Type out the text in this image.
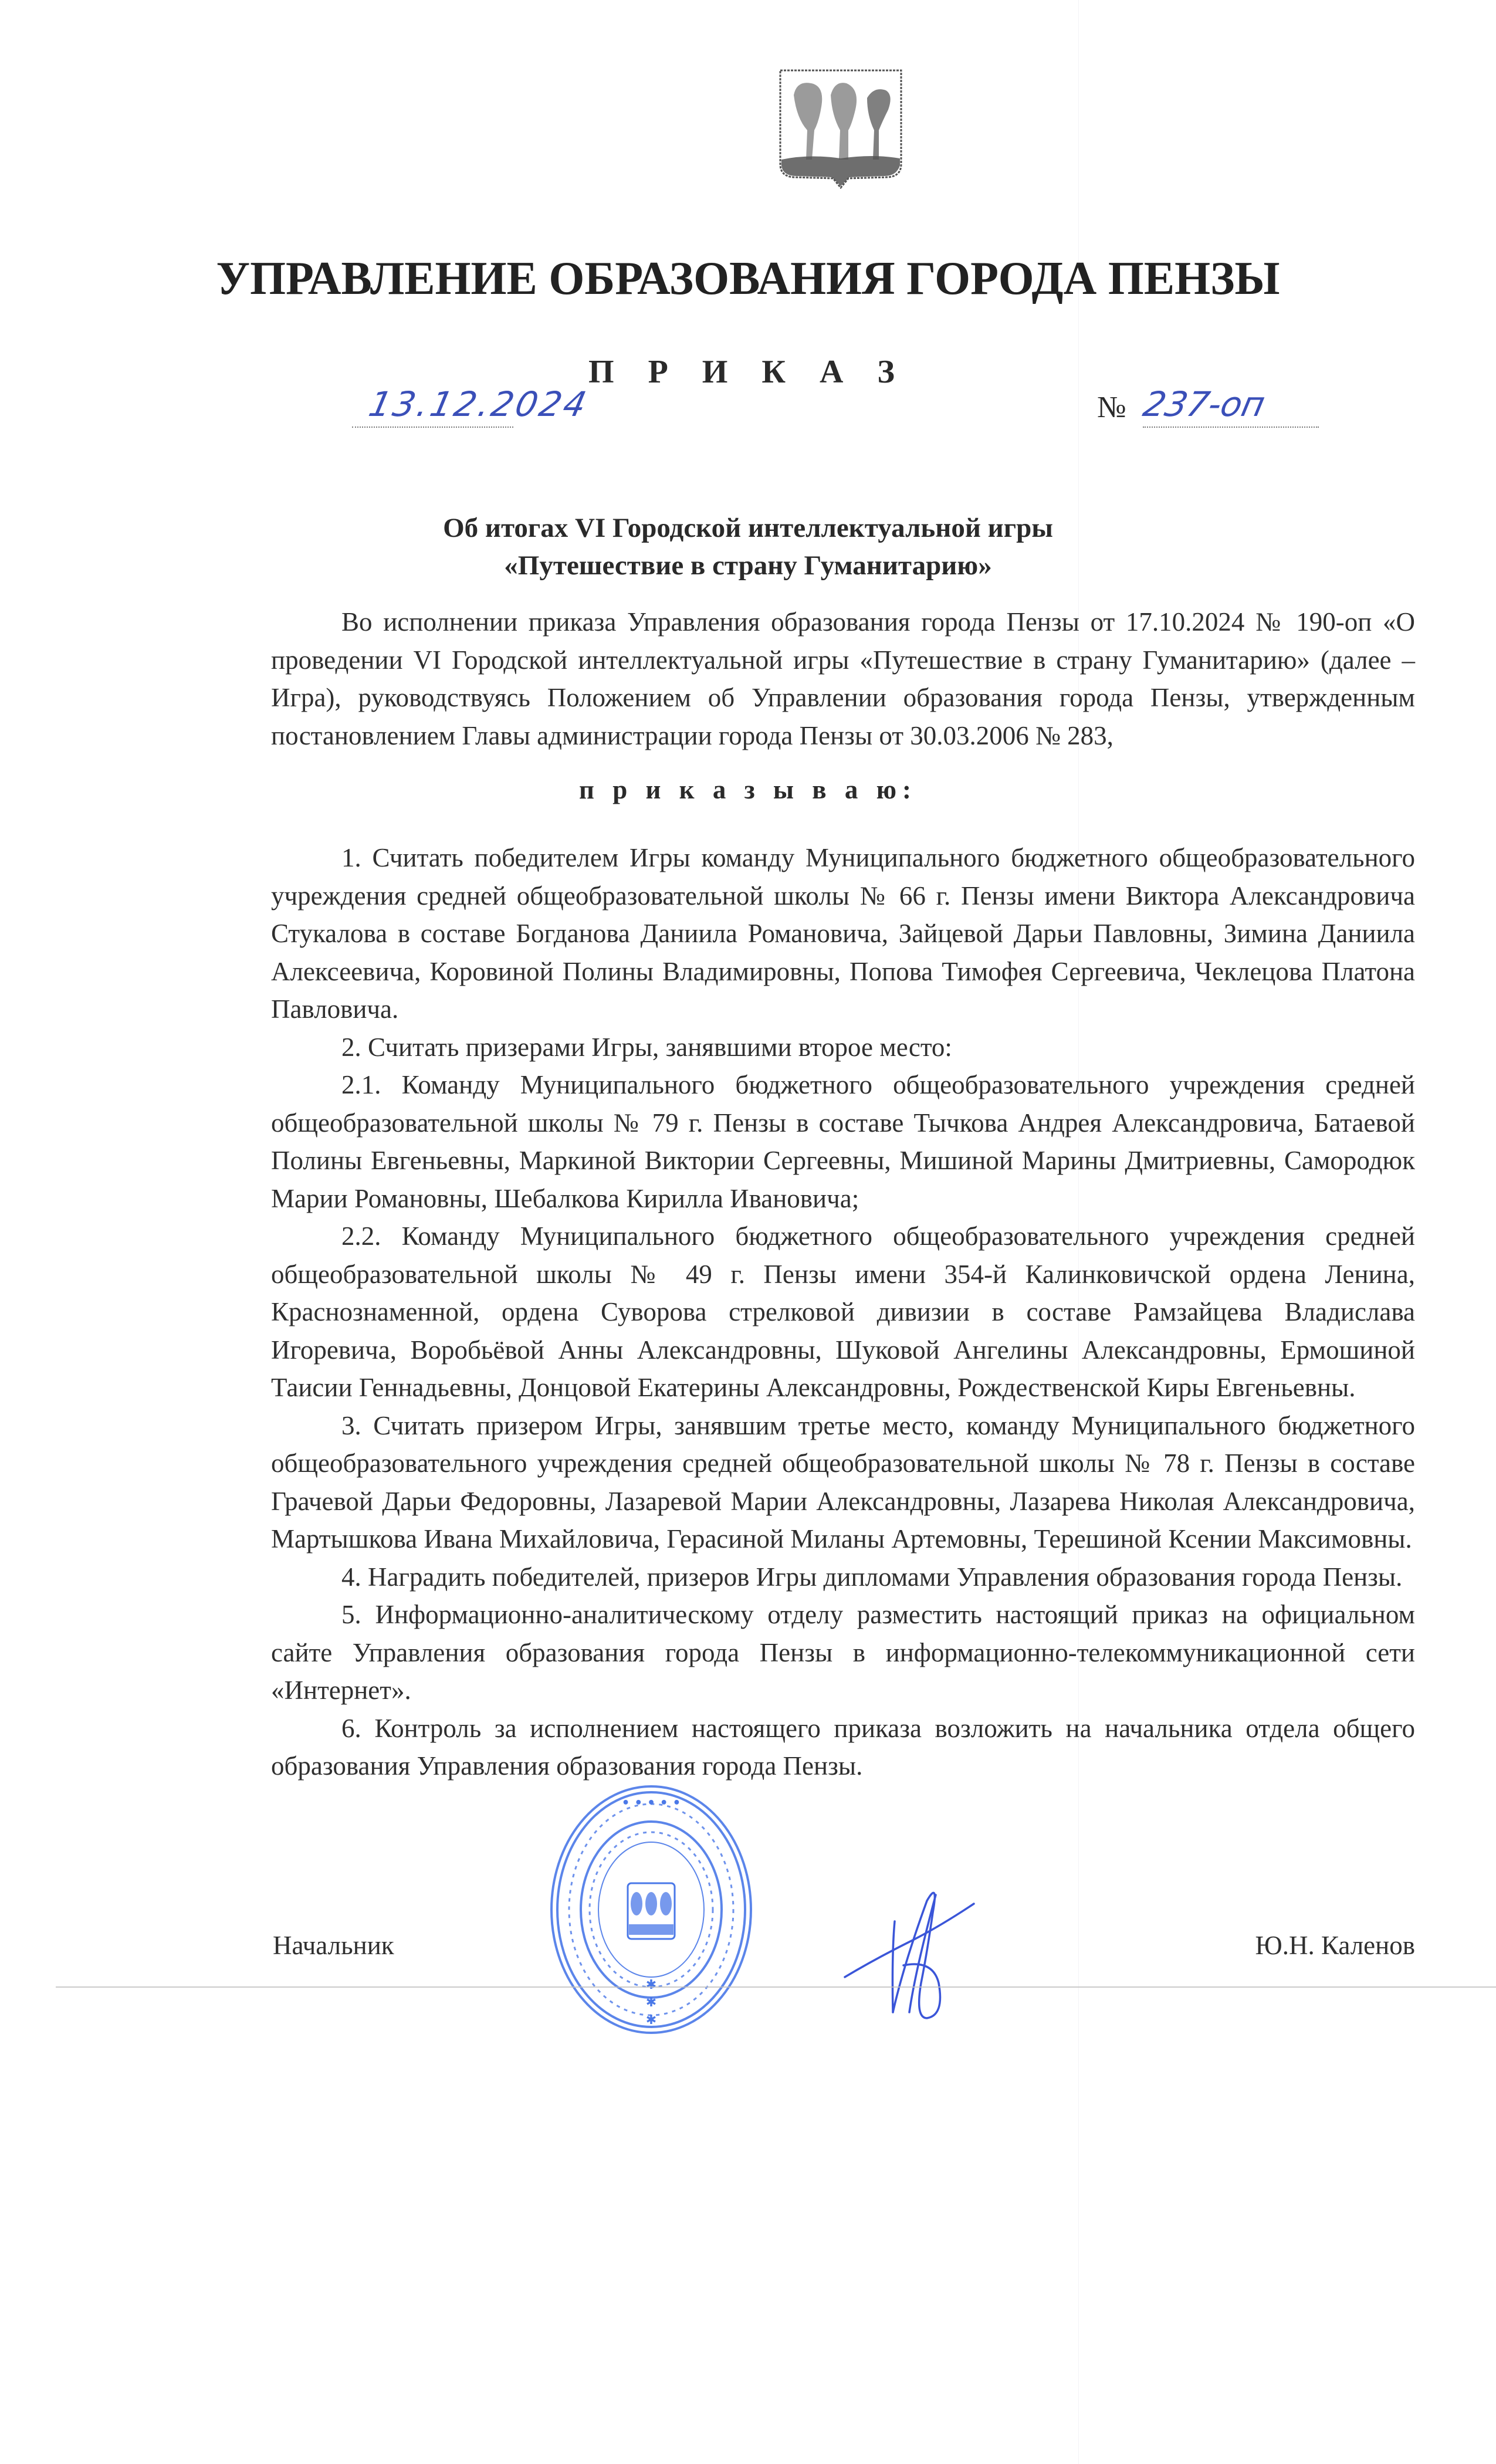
УПРАВЛЕНИЕ ОБРАЗОВАНИЯ ГОРОДА ПЕНЗЫ
П Р И К А З
13.12.2024	№ 237-оп
Об итогах VI Городской интеллектуальной игры
«Путешествие в страну Гуманитарию»

Во исполнении приказа Управления образования города Пензы от 17.10.2024 № 190-оп «О проведении VI Городской интеллектуальной игры «Путешествие в страну Гуманитарию» (далее – Игра), руководствуясь Положением об Управлении образования города Пензы, утвержденным постановлением Главы администрации города Пензы от 30.03.2006 № 283,

п р и к а з ы в а ю:

1. Считать победителем Игры команду Муниципального бюджетного общеобразовательного учреждения средней общеобразовательной школы № 66 г. Пензы имени Виктора Александровича Стукалова в составе Богданова Даниила Романовича, Зайцевой Дарьи Павловны, Зимина Даниила Алексеевича, Коровиной Полины Владимировны, Попова Тимофея Сергеевича, Чеклецова Платона Павловича.

2. Считать призерами Игры, занявшими второе место:

2.1. Команду Муниципального бюджетного общеобразовательного учреждения средней общеобразовательной школы № 79 г. Пензы в составе Тычкова Андрея Александровича, Батаевой Полины Евгеньевны, Маркиной Виктории Сергеевны, Мишиной Марины Дмитриевны, Самородюк Марии Романовны, Шебалкова Кирилла Ивановича;

2.2. Команду Муниципального бюджетного общеобразовательного учреждения средней общеобразовательной школы № 49 г. Пензы имени 354-й Калинковичской ордена Ленина, Краснознаменной, ордена Суворова стрелковой дивизии в составе Рамзайцева Владислава Игоревича, Воробьёвой Анны Александровны, Шуковой Ангелины Александровны, Ермошиной Таисии Геннадьевны, Донцовой Екатерины Александровны, Рождественской Киры Евгеньевны.

3. Считать призером Игры, занявшим третье место, команду Муниципального бюджетного общеобразовательного учреждения средней общеобразовательной школы № 78 г. Пензы в составе Грачевой Дарьи Федоровны, Лазаревой Марии Александровны, Лазарева Николая Александровича, Мартышкова Ивана Михайловича, Герасиной Миланы Артемовны, Терешиной Ксении Максимовны.

4. Наградить победителей, призеров Игры дипломами Управления образования города Пензы.

5. Информационно-аналитическому отделу разместить настоящий приказ на официальном сайте Управления образования города Пензы в информационно-телекоммуникационной сети «Интернет».

6. Контроль за исполнением настоящего приказа возложить на начальника отдела общего образования Управления образования города Пензы.

Начальник	Ю.Н. Каленов
• • • • •
✱
✱
✱
